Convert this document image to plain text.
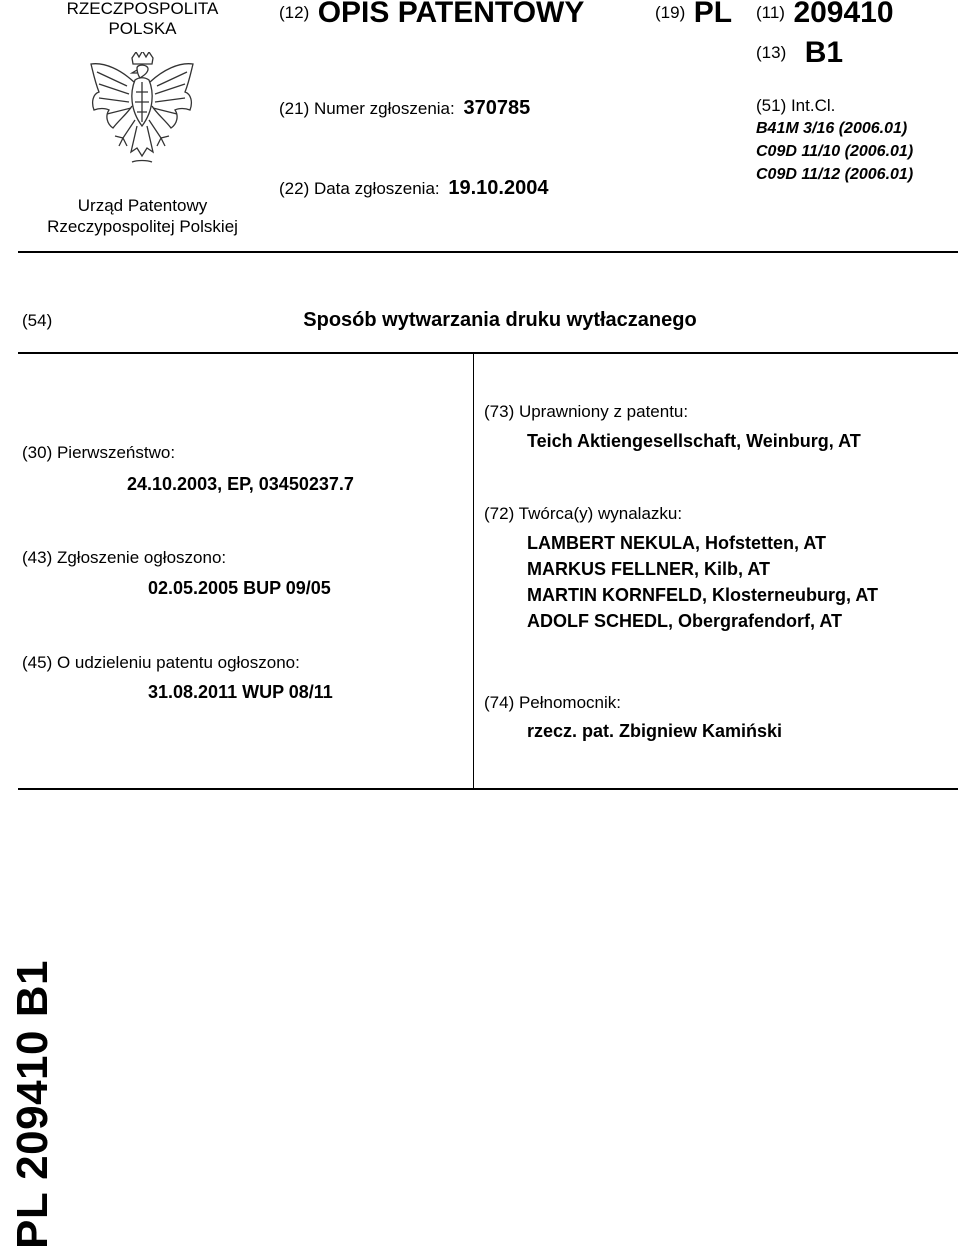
RZECZPOSPOLITA
POLSKA
Urząd Patentowy
Rzeczypospolitej Polskiej
(12) OPIS PATENTOWY
(21) Numer zgłoszenia: 370785
(22) Data zgłoszenia: 19.10.2004
(19) PL (11) 209410
(13) B1
(51) Int.Cl.
B41M 3/16 (2006.01)
C09D 11/10 (2006.01)
C09D 11/12 (2006.01)
(54)	Sposób wytwarzania druku wytłaczanego
(30) Pierwszeństwo:
24.10.2003, EP, 03450237.7
(43) Zgłoszenie ogłoszono:
02.05.2005 BUP 09/05
(45) O udzieleniu patentu ogłoszono:
31.08.2011 WUP 08/11
(73) Uprawniony z patentu:
Teich Aktiengesellschaft, Weinburg, AT
(72) Twórca(y) wynalazku:
LAMBERT NEKULA, Hofstetten, AT
MARKUS FELLNER, Kilb, AT
MARTIN KORNFELD, Klosterneuburg, AT
ADOLF SCHEDL, Obergrafendorf, AT
(74) Pełnomocnik:
rzecz. pat. Zbigniew Kamiński
PL 209410 B1
